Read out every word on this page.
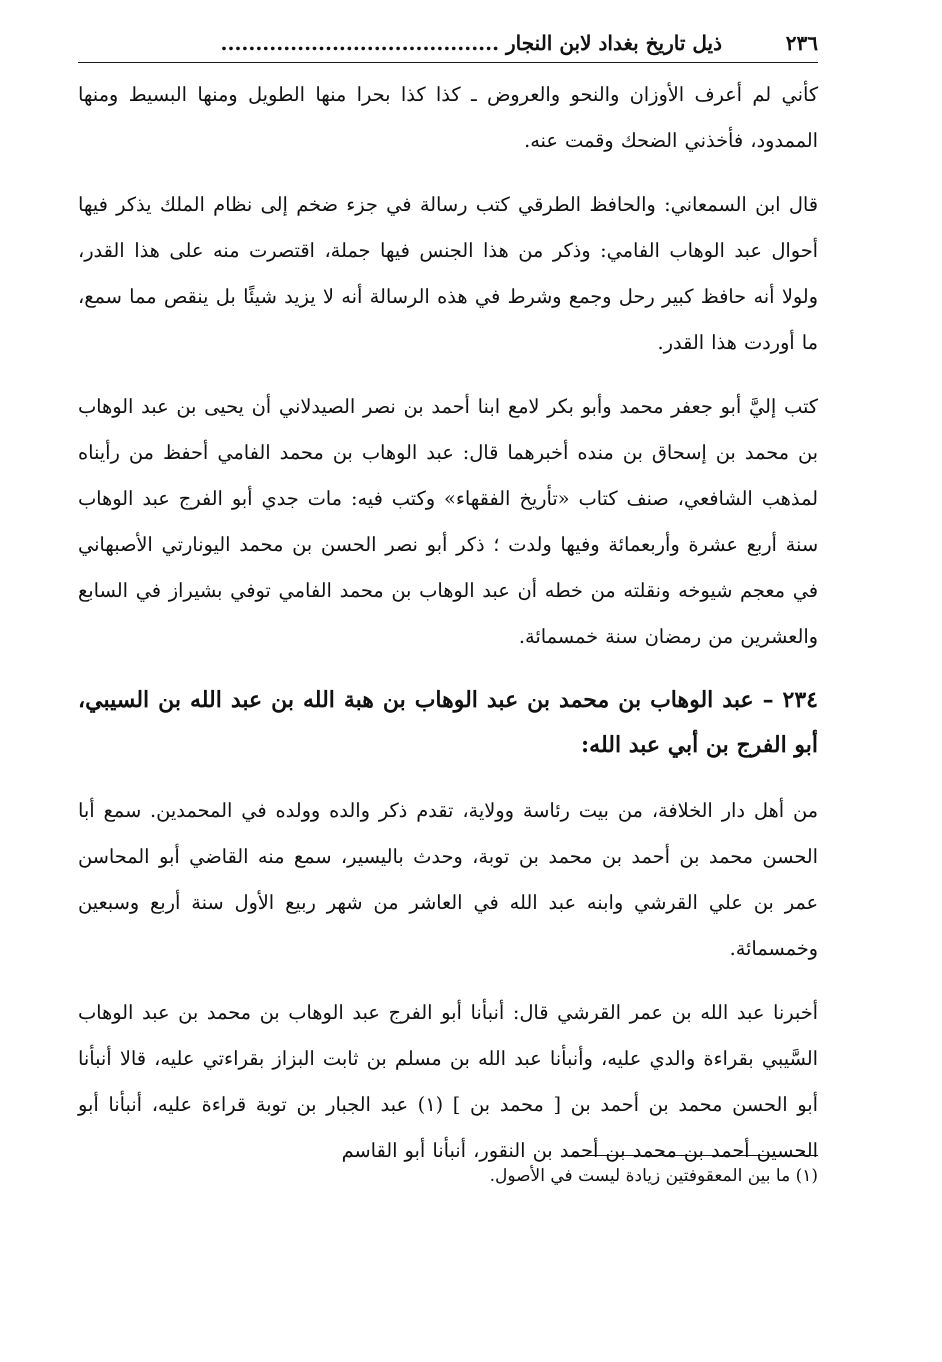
٢٣٦
ذيل تاريخ بغداد لابن النجار ........................................

كأني لم أعرف الأوزان والنحو والعروض ـ كذا كذا بحرا منها الطويل ومنها البسيط ومنها الممدود، فأخذني الضحك وقمت عنه.

قال ابن السمعاني: والحافظ الطرقي كتب رسالة في جزء ضخم إلى نظام الملك يذكر فيها أحوال عبد الوهاب الفامي: وذكر من هذا الجنس فيها جملة، اقتصرت منه على هذا القدر، ولولا أنه حافظ كبير رحل وجمع وشرط في هذه الرسالة أنه لا يزيد شيئًا بل ينقص مما سمع، ما أوردت هذا القدر.

كتب إليَّ أبو جعفر محمد وأبو بكر لامع ابنا أحمد بن نصر الصيدلاني أن يحيى بن عبد الوهاب بن محمد بن إسحاق بن منده أخبرهما قال: عبد الوهاب بن محمد الفامي أحفظ من رأيناه لمذهب الشافعي، صنف كتاب «تأريخ الفقهاء» وكتب فيه: مات جدي أبو الفرج عبد الوهاب سنة أربع عشرة وأربعمائة وفيها ولدت ؛ ذكر أبو نصر الحسن بن محمد اليونارتي الأصبهاني في معجم شيوخه ونقلته من خطه أن عبد الوهاب بن محمد الفامي توفي بشيراز في السابع والعشرين من رمضان سنة خمسمائة.

٢٣٤ – عبد الوهاب بن محمد بن عبد الوهاب بن هبة الله بن عبد الله بن السيبي، أبو الفرج بن أبي عبد الله:

من أهل دار الخلافة، من بيت رئاسة وولاية، تقدم ذكر والده وولده في المحمدين. سمع أبا الحسن محمد بن أحمد بن محمد بن توبة، وحدث باليسير، سمع منه القاضي أبو المحاسن عمر بن علي القرشي وابنه عبد الله في العاشر من شهر ربيع الأول سنة أربع وسبعين وخمسمائة.

أخبرنا عبد الله بن عمر القرشي قال: أنبأنا أبو الفرج عبد الوهاب بن محمد بن عبد الوهاب السَّيبي بقراءة والدي عليه، وأنبأنا عبد الله بن مسلم بن ثابت البزاز بقراءتي عليه، قالا أنبأنا أبو الحسن محمد بن أحمد بن [ محمد بن ] (١) عبد الجبار بن توبة قراءة عليه، أنبأنا أبو الحسين أحمد بن محمد بن أحمد بن النقور، أنبأنا أبو القاسم

(١) ما بين المعقوفتين زيادة ليست في الأصول.
